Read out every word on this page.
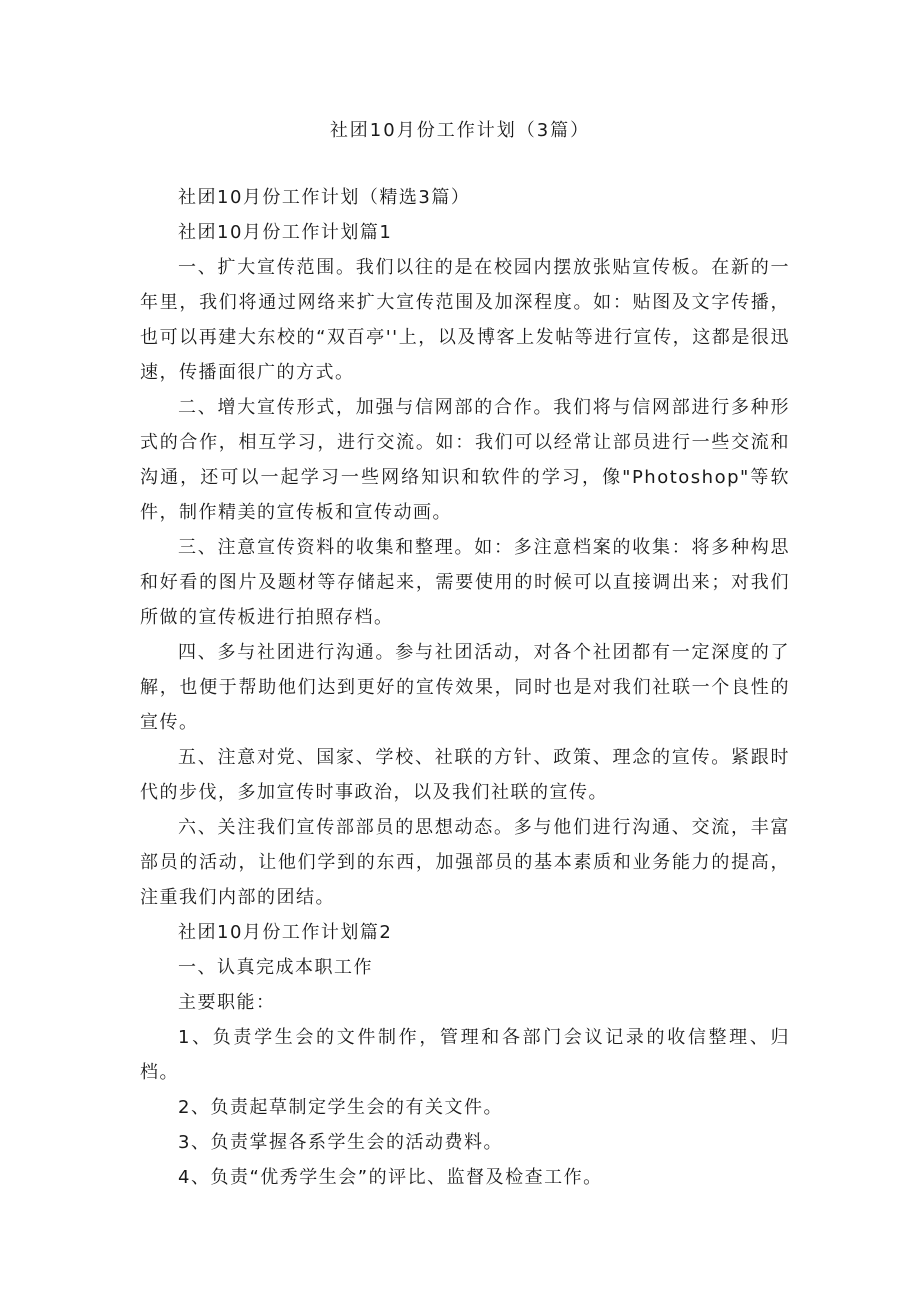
社团10月份工作计划（3篇）

社团10月份工作计划（精选3篇）

社团10月份工作计划篇1

一、扩大宣传范围。我们以往的是在校园内摆放张贴宣传板。在新的一年里，我们将通过网络来扩大宣传范围及加深程度。如：贴图及文字传播，也可以再建大东校的“双百亭''上，以及博客上发帖等进行宣传，这都是很迅速，传播面很广的方式。

二、增大宣传形式，加强与信网部的合作。我们将与信网部进行多种形式的合作，相互学习，进行交流。如：我们可以经常让部员进行一些交流和沟通，还可以一起学习一些网络知识和软件的学习，像"Photoshop"等软件，制作精美的宣传板和宣传动画。

三、注意宣传资料的收集和整理。如：多注意档案的收集：将多种构思和好看的图片及题材等存储起来，需要使用的时候可以直接调出来；对我们所做的宣传板进行拍照存档。

四、多与社团进行沟通。参与社团活动，对各个社团都有一定深度的了解，也便于帮助他们达到更好的宣传效果，同时也是对我们社联一个良性的宣传。

五、注意对党、国家、学校、社联的方针、政策、理念的宣传。紧跟时代的步伐，多加宣传时事政治，以及我们社联的宣传。

六、关注我们宣传部部员的思想动态。多与他们进行沟通、交流，丰富部员的活动，让他们学到的东西，加强部员的基本素质和业务能力的提高，注重我们内部的团结。

社团10月份工作计划篇2

一、认真完成本职工作

主要职能：

1、负责学生会的文件制作，管理和各部门会议记录的收信整理、归档。

2、负责起草制定学生会的有关文件。

3、负责掌握各系学生会的活动费料。

4、负责“优秀学生会”的评比、监督及检查工作。
